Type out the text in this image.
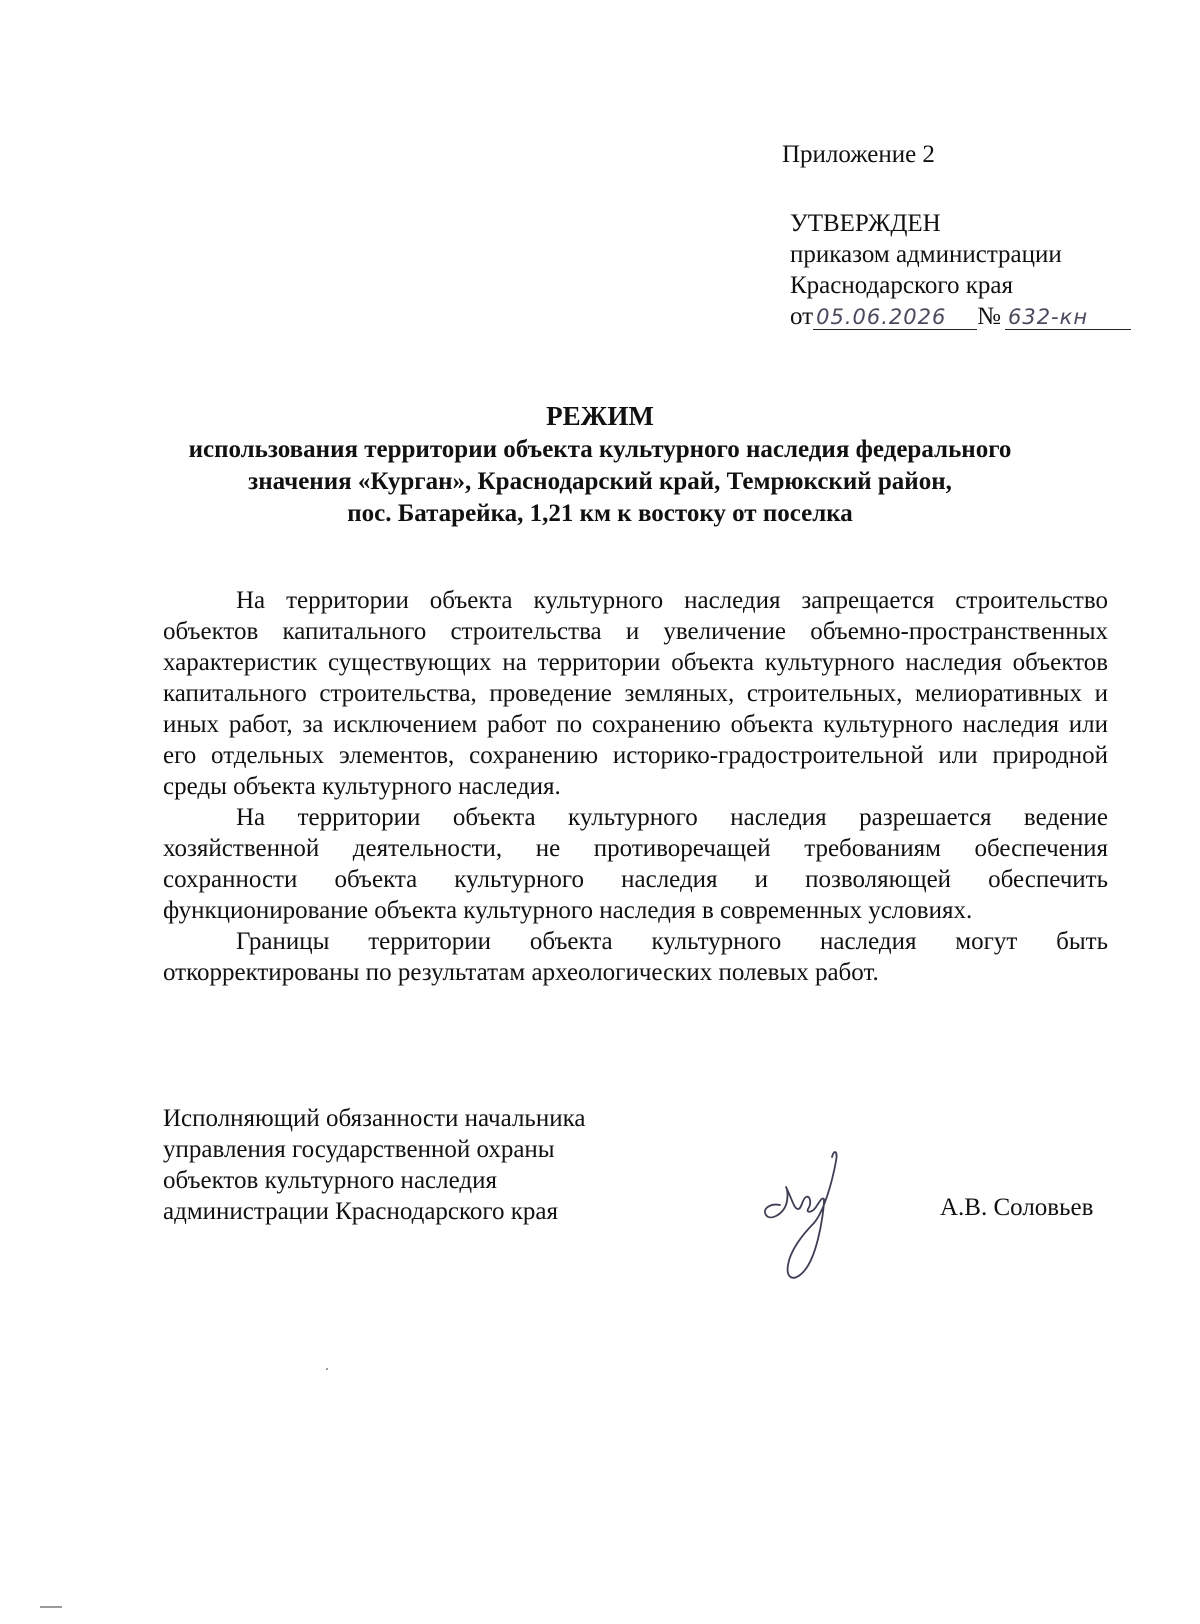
Приложение 2
УТВЕРЖДЕН
приказом администрации
Краснодарского края
от 05.06.2026 № 632-кн
РЕЖИМ
использования территории объекта культурного наследия федерального
значения «Курган», Краснодарский край, Темрюкский район,
пос. Батарейка, 1,21 км к востоку от поселка

На территории объекта культурного наследия запрещается строительство объектов капитального строительства и увеличение объемно-пространственных характеристик существующих на территории объекта культурного наследия объектов капитального строительства, проведение земляных, строительных, мелиоративных и иных работ, за исключением работ по сохранению объекта культурного наследия или его отдельных элементов, сохранению историко-градостроительной или природной среды объекта культурного наследия.

На территории объекта культурного наследия разрешается ведение хозяйственной деятельности, не противоречащей требованиям обеспечения сохранности объекта культурного наследия и позволяющей обеспечить функционирование объекта культурного наследия в современных условиях.

Границы территории объекта культурного наследия могут быть откорректированы по результатам археологических полевых работ.

Исполняющий обязанности начальника
управления государственной охраны
объектов культурного наследия
администрации Краснодарского края	А.В. Соловьев
